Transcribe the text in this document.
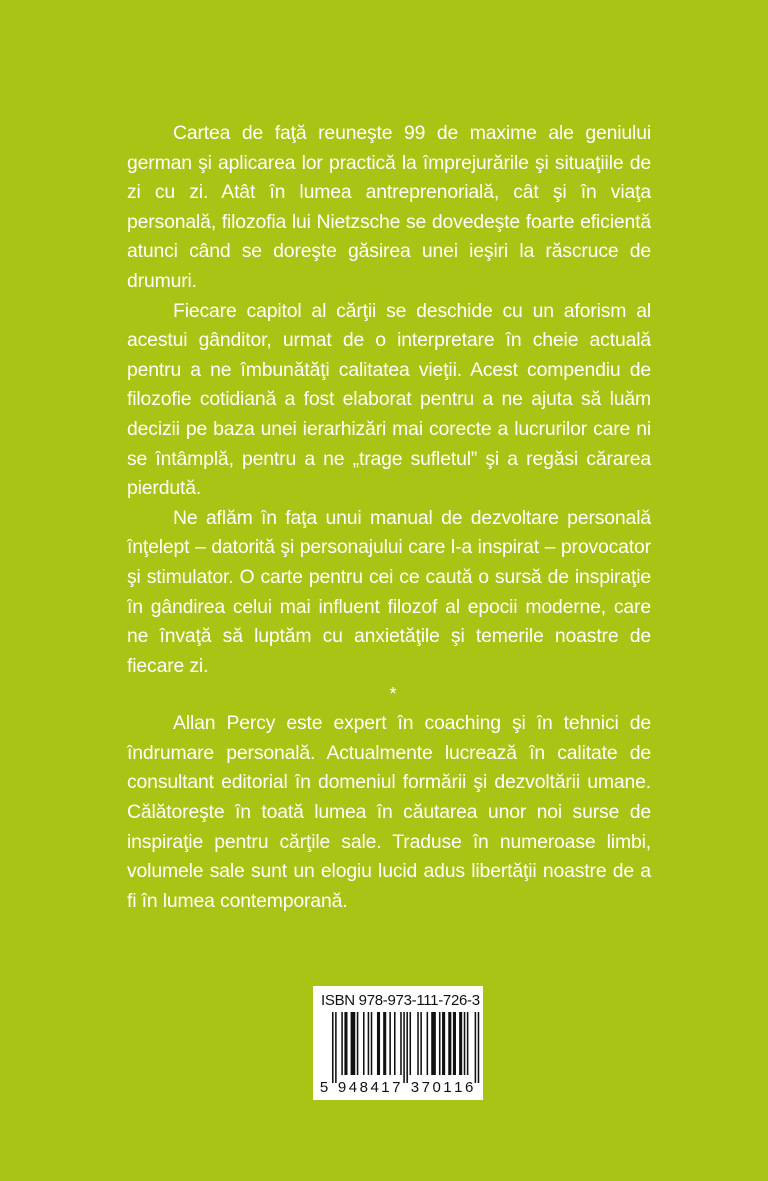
Cartea de faţă reuneşte 99 de maxime ale geniului german şi aplicarea lor practică la împrejurările şi situaţiile de zi cu zi. Atât în lumea antreprenorială, cât şi în viaţa personală, filozofia lui Nietzsche se dovedeşte foarte eficientă atunci când se doreşte găsirea unei ieşiri la răscruce de drumuri.

Fiecare capitol al cărţii se deschide cu un aforism al acestui gânditor, urmat de o interpretare în cheie actuală pentru a ne îmbunătăţi calitatea vieţii. Acest compendiu de filozofie cotidiană a fost elaborat pentru a ne ajuta să luăm decizii pe baza unei ierarhizări mai corecte a lucrurilor care ni se întâmplă, pentru a ne „trage sufletul” şi a regăsi cărarea pierdută.

Ne aflăm în faţa unui manual de dezvoltare personală înţelept – datorită şi personajului care l-a inspirat – provocator şi stimulator. O carte pentru cei ce caută o sursă de inspiraţie în gândirea celui mai influent filozof al epocii moderne, care ne învaţă să luptăm cu anxietăţile şi temerile noastre de fiecare zi.

*

Allan Percy este expert în coaching şi în tehnici de îndrumare personală. Actualmente lucrează în calitate de consultant editorial în domeniul formării şi dezvoltării umane. Călătoreşte în toată lumea în căutarea unor noi surse de inspiraţie pentru cărţile sale. Traduse în numeroase limbi, volumele sale sunt un elogiu lucid adus libertăţii noastre de a fi în lumea contemporană.

ISBN 978-973-111-726-3
5 9 4 8 4 1 7 3 7 0 1 1 6
